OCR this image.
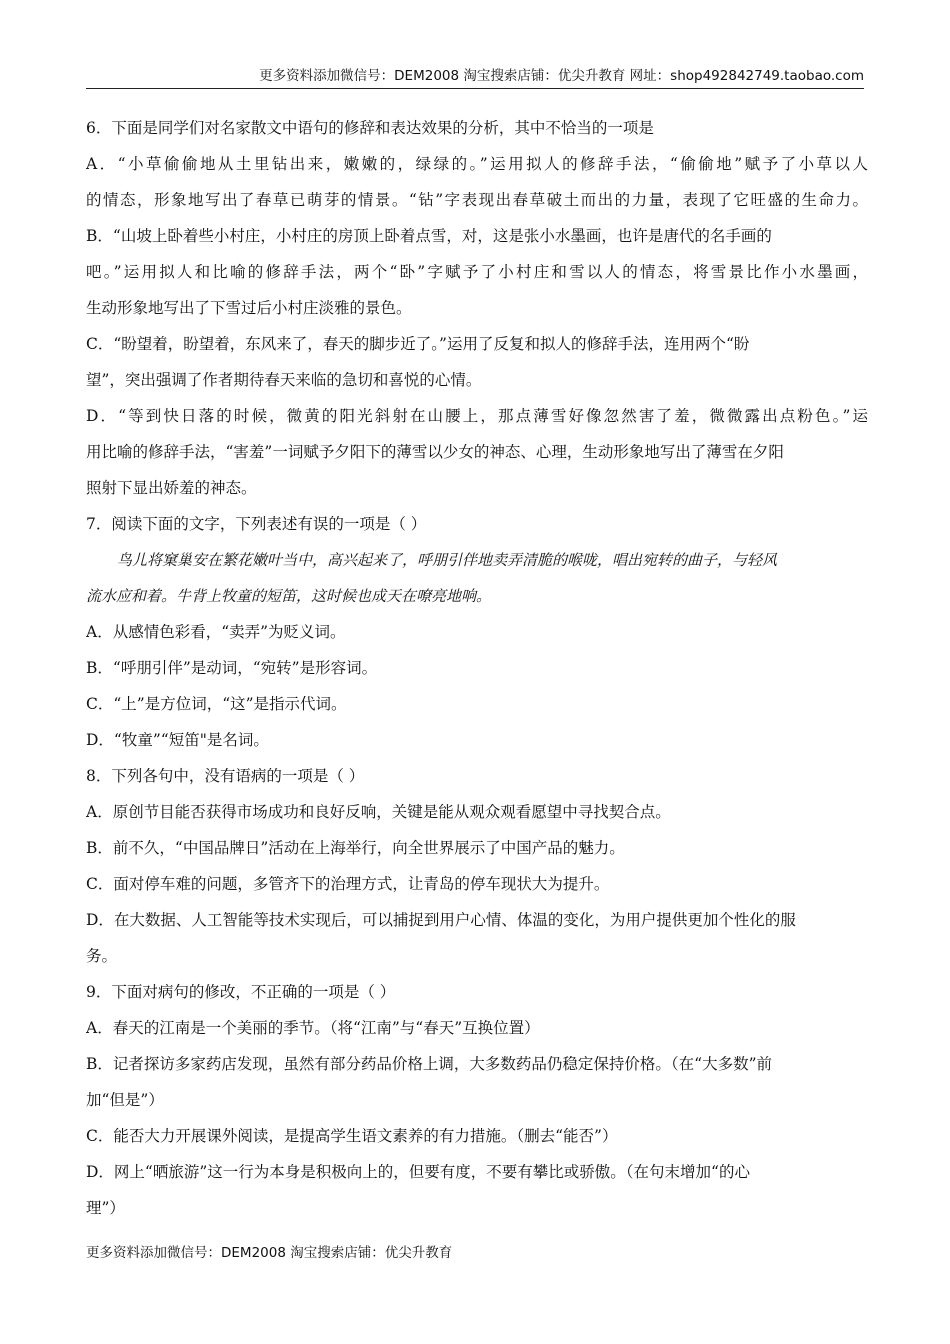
更多资料添加微信号：DEM2008 淘宝搜索店铺：优尖升教育 网址：shop492842749.taobao.com
6．下面是同学们对名家散文中语句的修辞和表达效果的分析，其中不恰当的一项是
A．“小草偷偷地从土里钻出来，嫩嫩的，绿绿的。”运用拟人的修辞手法，“偷偷地”赋予了小草以人
的情态，形象地写出了春草已萌芽的情景。“钻”字表现出春草破土而出的力量，表现了它旺盛的生命力。
B．“山坡上卧着些小村庄，小村庄的房顶上卧着点雪，对，这是张小水墨画，也许是唐代的名手画的
吧。”运用拟人和比喻的修辞手法，两个“卧”字赋予了小村庄和雪以人的情态，将雪景比作小水墨画，
生动形象地写出了下雪过后小村庄淡雅的景色。
C．“盼望着，盼望着，东风来了，春天的脚步近了。”运用了反复和拟人的修辞手法，连用两个“盼
望”，突出强调了作者期待春天来临的急切和喜悦的心情。
D．“等到快日落的时候，微黄的阳光斜射在山腰上，那点薄雪好像忽然害了羞，微微露出点粉色。”运
用比喻的修辞手法，“害羞”一词赋予夕阳下的薄雪以少女的神态、心理，生动形象地写出了薄雪在夕阳
照射下显出娇羞的神态。
7．阅读下面的文字，下列表述有误的一项是（ ）
鸟儿将窠巢安在繁花嫩叶当中，高兴起来了，呼朋引伴地卖弄清脆的喉咙，唱出宛转的曲子，与轻风
流水应和着。牛背上牧童的短笛，这时候也成天在嘹亮地响。
A．从感情色彩看，“卖弄”为贬义词。
B．“呼朋引伴”是动词，“宛转”是形容词。
C．“上”是方位词，“这”是指示代词。
D．“牧童”“短笛"是名词。
8．下列各句中，没有语病的一项是（ ）
A．原创节目能否获得市场成功和良好反响，关键是能从观众观看愿望中寻找契合点。
B．前不久，“中国品牌日”活动在上海举行，向全世界展示了中国产品的魅力。
C．面对停车难的问题，多管齐下的治理方式，让青岛的停车现状大为提升。
D．在大数据、人工智能等技术实现后，可以捕捉到用户心情、体温的变化，为用户提供更加个性化的服
务。
9．下面对病句的修改，不正确的一项是（ ）
A．春天的江南是一个美丽的季节。（将“江南”与“春天”互换位置）
B．记者探访多家药店发现，虽然有部分药品价格上调，大多数药品仍稳定保持价格。（在“大多数”前
加“但是”）
C．能否大力开展课外阅读，是提高学生语文素养的有力措施。（删去“能否”）
D．网上“晒旅游”这一行为本身是积极向上的，但要有度，不要有攀比或骄傲。（在句末增加“的心
理”）
更多资料添加微信号：DEM2008 淘宝搜索店铺：优尖升教育
